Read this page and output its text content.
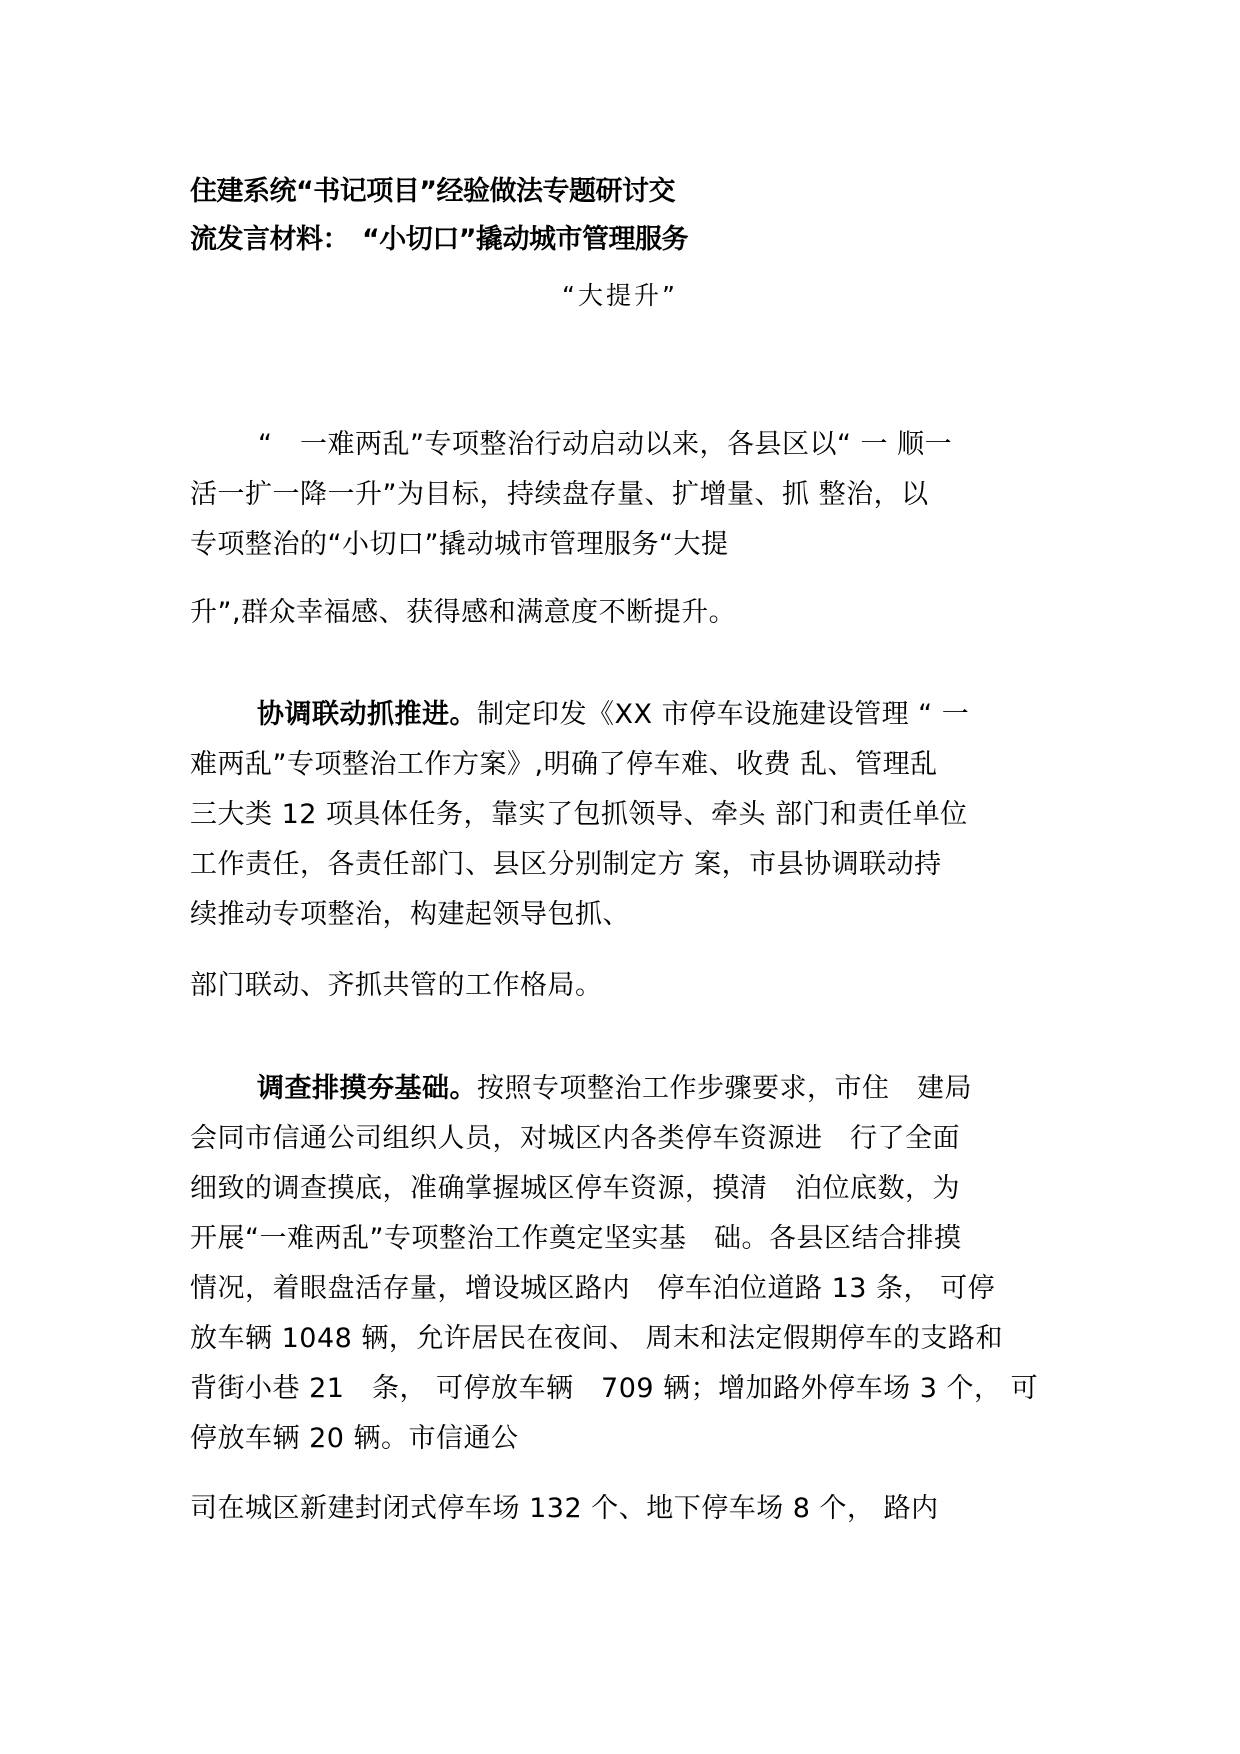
住建系统“书记项目”经验做法专题研讨交
流发言材料：　“小切口”撬动城市管理服务
“大提升”
“　一难两乱”专项整治行动启动以来，各县区以“ 一 顺一
活一扩一降一升”为目标，持续盘存量、扩增量、抓 整治，以
专项整治的“小切口”撬动城市管理服务“大提
升”,群众幸福感、获得感和满意度不断提升。
协调联动抓推进。制定印发《XX 市停车设施建设管理 “ 一
难两乱”专项整治工作方案》,明确了停车难、收费 乱、管理乱
三大类 12 项具体任务，靠实了包抓领导、牵头 部门和责任单位
工作责任，各责任部门、县区分别制定方 案，市县协调联动持
续推动专项整治，构建起领导包抓、
部门联动、齐抓共管的工作格局。
调查排摸夯基础。按照专项整治工作步骤要求，市住　建局
会同市信通公司组织人员，对城区内各类停车资源进　行了全面
细致的调查摸底，准确掌握城区停车资源，摸清　泊位底数，为
开展“一难两乱”专项整治工作奠定坚实基　础。各县区结合排摸
情况，着眼盘活存量，增设城区路内　停车泊位道路 13 条， 可停
放车辆 1048 辆，允许居民在夜间、 周末和法定假期停车的支路和
背街小巷 21　条， 可停放车辆　709 辆；增加路外停车场 3 个， 可
停放车辆 20 辆。市信通公
司在城区新建封闭式停车场 132 个、地下停车场 8 个， 路内
